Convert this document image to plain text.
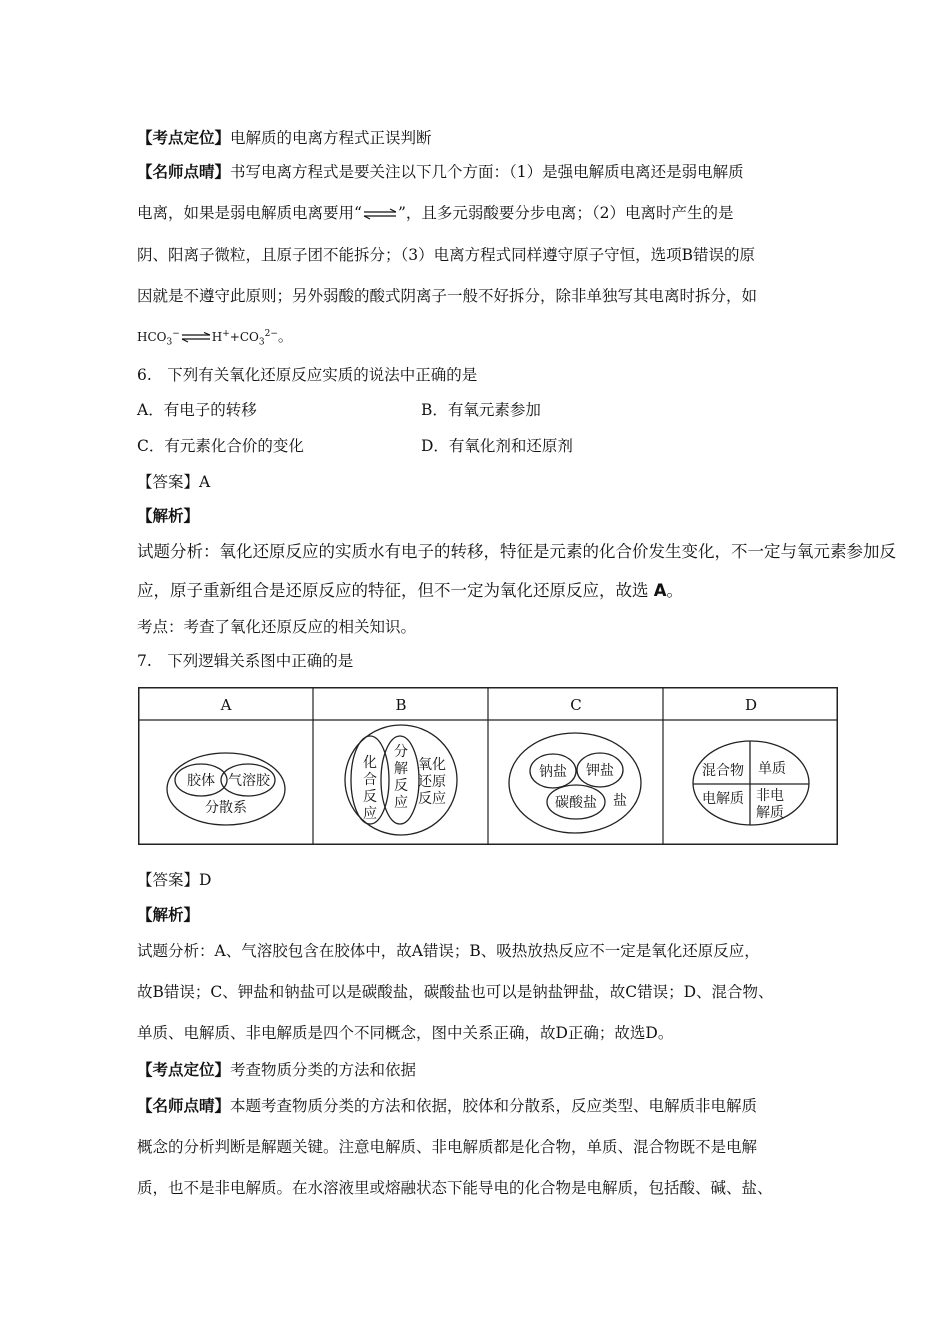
【考点定位】电解质的电离方程式正误判断
【名师点晴】书写电离方程式是要关注以下几个方面：（1）是强电解质电离还是弱电解质
电离，如果是弱电解质电离要用“⇌”，且多元弱酸要分步电离；（2）电离时产生的是
阴、阳离子微粒，且原子团不能拆分；（3）电离方程式同样遵守原子守恒，选项B错误的原
因就是不遵守此原则；另外弱酸的酸式阴离子一般不好拆分，除非单独写其电离时拆分，如
$HCO_3^-\rightleftharpoons H^++CO_3^{2-}$。
6.　下列有关氧化还原反应实质的说法中正确的是
A．有电子的转移	B．有氧元素参加
C．有元素化合价的变化	D．有氧化剂和还原剂
【答案】A
【解析】
试题分析：氧化还原反应的实质水有电子的转移，特征是元素的化合价发生变化，不一定与氧元素参加反
应，原子重新组合是还原反应的特征，但不一定为氧化还原反应，故选 A。
考点：考查了氧化还原反应的相关知识。
7.　下列逻辑关系图中正确的是
A	B	C	D
胶体 气溶胶
分散系
化
合
反
应
分
解
反
应
氧化
还原
反应
钠盐 钾盐
碳酸盐 盐
混合物 单质
电解质 非电
解质
【答案】D
【解析】
试题分析：A、气溶胶包含在胶体中，故A错误；B、吸热放热反应不一定是氧化还原反应，
故B错误；C、钾盐和钠盐可以是碳酸盐，碳酸盐也可以是钠盐钾盐，故C错误；D、混合物、
单质、电解质、非电解质是四个不同概念，图中关系正确，故D正确；故选D。
【考点定位】考查物质分类的方法和依据
【名师点晴】本题考查物质分类的方法和依据，胶体和分散系，反应类型、电解质非电解质
概念的分析判断是解题关键。注意电解质、非电解质都是化合物，单质、混合物既不是电解
质，也不是非电解质。在水溶液里或熔融状态下能导电的化合物是电解质，包括酸、碱、盐、
